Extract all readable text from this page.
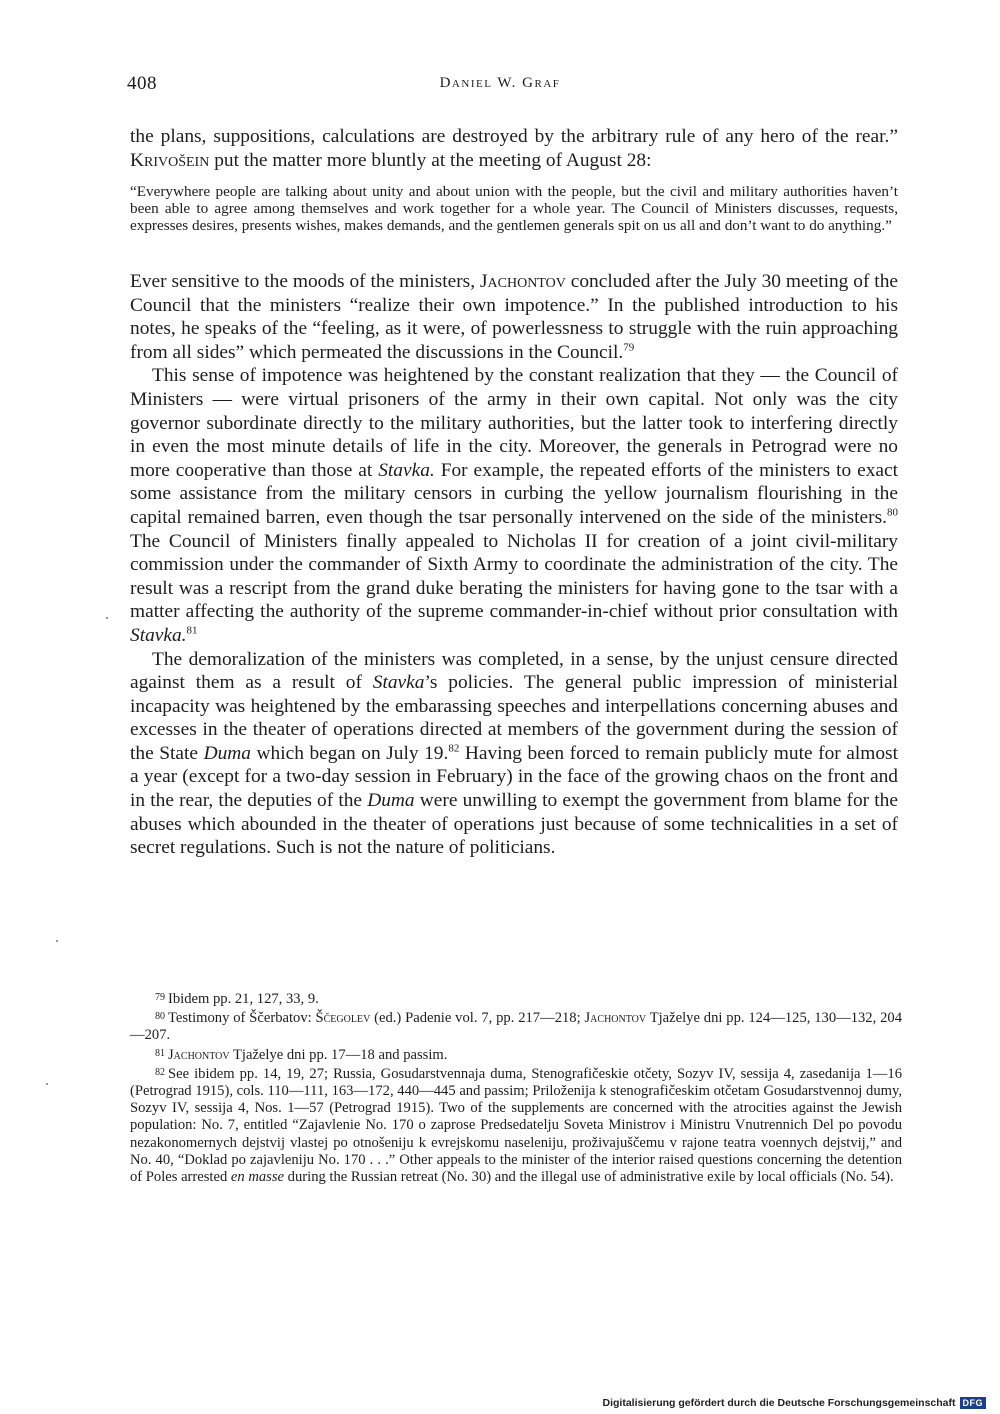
408	Daniel W. Graf

the plans, suppositions, calculations are destroyed by the arbitrary rule of any hero of the rear.” Krivošein put the matter more bluntly at the meeting of August 28:

“Everywhere people are talking about unity and about union with the people, but the civil and military authorities haven’t been able to agree among themselves and work together for a whole year. The Council of Ministers discusses, requests, expresses desires, presents wishes, makes demands, and the gentlemen generals spit on us all and don’t want to do anything.”

Ever sensitive to the moods of the ministers, Jachontov concluded after the July 30 meeting of the Council that the ministers “realize their own impotence.” In the published introduction to his notes, he speaks of the “feeling, as it were, of powerlessness to struggle with the ruin approaching from all sides” which permeated the discussions in the Council.$^{79}$

This sense of impotence was heightened by the constant realization that they — the Council of Ministers — were virtual prisoners of the army in their own capital. Not only was the city governor subordinate directly to the military authorities, but the latter took to interfering directly in even the most minute details of life in the city. Moreover, the generals in Petrograd were no more cooperative than those at Stavka. For example, the repeated efforts of the ministers to exact some assistance from the military censors in curbing the yellow journalism flourishing in the capital remained barren, even though the tsar personally intervened on the side of the ministers.$^{80}$ The Council of Ministers finally appealed to Nicholas II for creation of a joint civil-military commission under the commander of Sixth Army to coordinate the administration of the city. The result was a rescript from the grand duke berating the ministers for having gone to the tsar with a matter affecting the authority of the supreme commander-in-chief without prior consultation with Stavka.$^{81}$

The demoralization of the ministers was completed, in a sense, by the unjust censure directed against them as a result of Stavka’s policies. The general public impression of ministerial incapacity was heightened by the embarassing speeches and interpellations concerning abuses and excesses in the theater of operations directed at members of the government during the session of the State Duma which began on July 19.82 Having been forced to remain publicly mute for almost a year (except for a two-day session in February) in the face of the growing chaos on the front and in the rear, the deputies of the Duma were unwilling to exempt the government from blame for the abuses which abounded in the theater of operations just because of some technicalities in a set of secret regulations. Such is not the nature of politicians.

$^{79}$ Ibidem pp. 21, 127, 33, 9.

$^{80}$ Testimony of Ščerbatov: Ščegolev (ed.) Padenie vol. 7, pp. 217—218; Jachontov Tjaželye dni pp. 124—125, 130—132, 204—207.

$^{81}$ Jachontov Tjaželye dni pp. 17—18 and passim.

$^{82}$ See ibidem pp. 14, 19, 27; Russia, Gosudarstvennaja duma, Stenografičeskie otčety, Sozyv IV, sessija 4, zasedanija 1—16 (Petrograd 1915), cols. 110—111, 163—172, 440—445 and passim; Priloženija k stenografičeskim otčetam Gosudarstvennoj dumy, Sozyv IV, sessija 4, Nos. 1—57 (Petrograd 1915). Two of the supplements are concerned with the atrocities against the Jewish population: No. 7, entitled “Zajavlenie No. 170 o zaprose Predsedatelju Soveta Ministrov i Ministru Vnutrennich Del po povodu nezakonomernych dejstvij vlastej po otnošeniju k evrejskomu naseleniju, proživajuščemu v rajone teatra voennych dejstvij,” and No. 40, “Doklad po zajavleniju No. 170 . . .” Other appeals to the minister of the interior raised questions concerning the detention of Poles arrested en masse during the Russian retreat (No. 30) and the illegal use of administrative exile by local officials (No. 54).

Digitalisierung gefördert durch die Deutsche Forschungsgemeinschaft DFG
